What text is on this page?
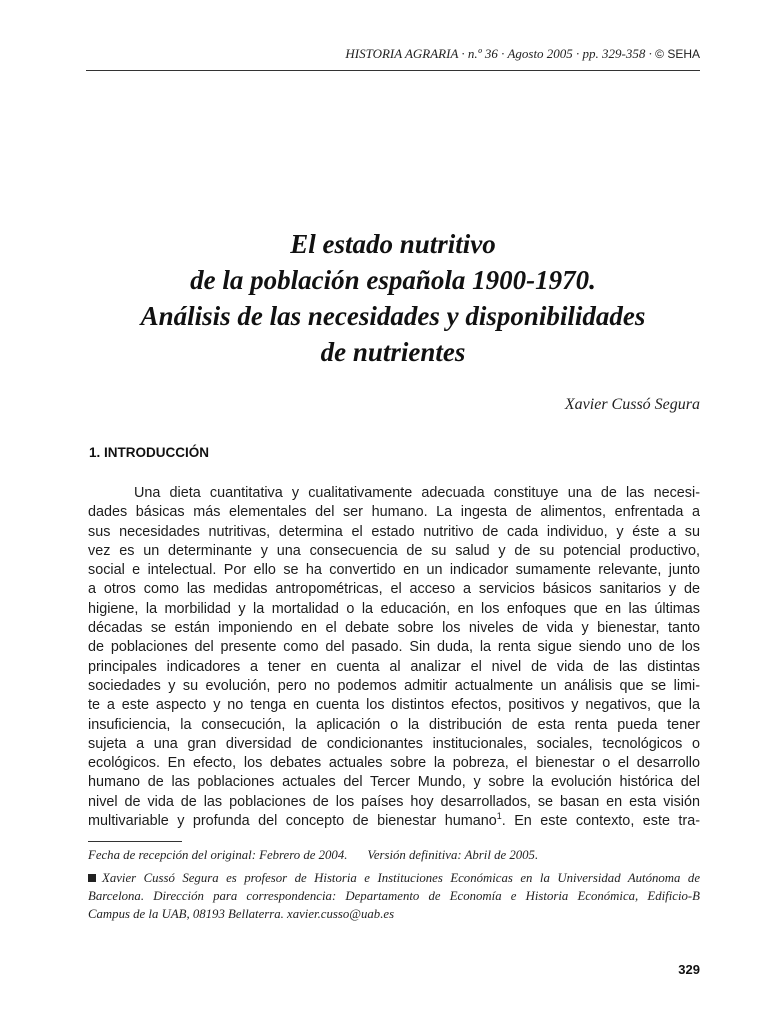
HISTORIA AGRARIA · n.º 36 · Agosto 2005 · pp. 329-358 · © SEHA
El estado nutritivo
de la población española 1900-1970.
Análisis de las necesidades y disponibilidades
de nutrientes
Xavier Cussó Segura
1. INTRODUCCIÓN
Una dieta cuantitativa y cualitativamente adecuada constituye una de las necesi-
dades básicas más elementales del ser humano. La ingesta de alimentos, enfrentada a
sus necesidades nutritivas, determina el estado nutritivo de cada individuo, y éste a su
vez es un determinante y una consecuencia de su salud y de su potencial productivo,
social e intelectual. Por ello se ha convertido en un indicador sumamente relevante, junto
a otros como las medidas antropométricas, el acceso a servicios básicos sanitarios y de
higiene, la morbilidad y la mortalidad o la educación, en los enfoques que en las últimas
décadas se están imponiendo en el debate sobre los niveles de vida y bienestar, tanto
de poblaciones del presente como del pasado. Sin duda, la renta sigue siendo uno de los
principales indicadores a tener en cuenta al analizar el nivel de vida de las distintas
sociedades y su evolución, pero no podemos admitir actualmente un análisis que se limi-
te a este aspecto y no tenga en cuenta los distintos efectos, positivos y negativos, que la
insuficiencia, la consecución, la aplicación o la distribución de esta renta pueda tener
sujeta a una gran diversidad de condicionantes institucionales, sociales, tecnológicos o
ecológicos. En efecto, los debates actuales sobre la pobreza, el bienestar o el desarrollo
humano de las poblaciones actuales del Tercer Mundo, y sobre la evolución histórica del
nivel de vida de las poblaciones de los países hoy desarrollados, se basan en esta visión
multivariable y profunda del concepto de bienestar humano$^1$. En este contexto, este tra-
Fecha de recepción del original: Febrero de 2004. Versión definitiva: Abril de 2005.
Xavier Cussó Segura es profesor de Historia e Instituciones Económicas en la Universidad Autónoma de
Barcelona. Dirección para correspondencia: Departamento de Economía e Historia Económica, Edificio-B
Campus de la UAB, 08193 Bellaterra. xavier.cusso@uab.es
329
